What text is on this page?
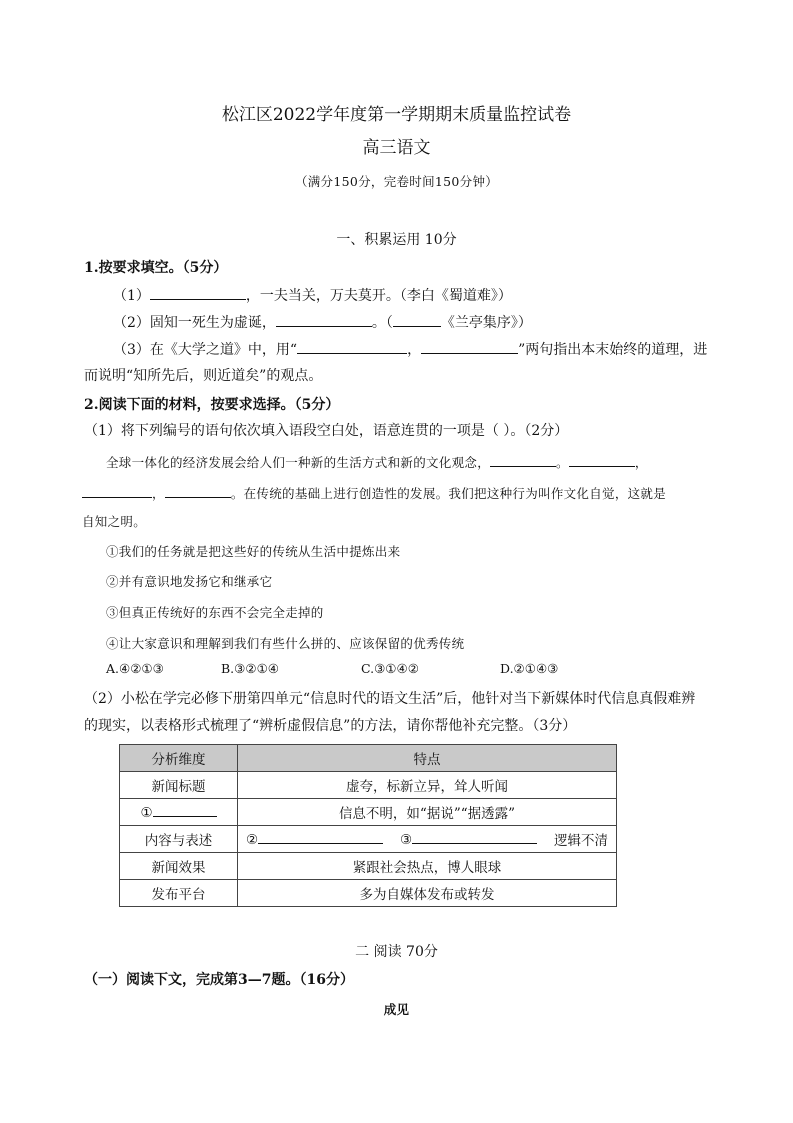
松江区2022学年度第一学期期末质量监控试卷
高三语文
（满分150分，完卷时间150分钟）
一、积累运用 10分
1.按要求填空。（5分）
（1）	，一夫当关，万夫莫开。（李白《蜀道难》）
（2）固知一死生为虚诞，	。（	《兰亭集序》）
（3）在《大学之道》中，用“	，	”两句指出本末始终的道理，进
而说明“知所先后，则近道矣”的观点。
2.阅读下面的材料，按要求选择。（5分）
（1）将下列编号的语句依次填入语段空白处，语意连贯的一项是（ ）。（2分）
全球一体化的经济发展会给人们一种新的生活方式和新的文化观念，	。	，
，	。在传统的基础上进行创造性的发展。我们把这种行为叫作文化自觉，这就是
自知之明。
①我们的任务就是把这些好的传统从生活中提炼出来
②并有意识地发扬它和继承它
③但真正传统好的东西不会完全走掉的
④让大家意识和理解到我们有些什么拼的、应该保留的优秀传统
A.④②①③	B.③②①④	C.③①④②	D.②①④③
（2）小松在学完必修下册第四单元“信息时代的语文生活”后，他针对当下新媒体时代信息真假难辨
的现实，以表格形式梳理了“辨析虚假信息”的方法，请你帮他补充完整。（3分）
分析维度	特点
新闻标题	虚夸，标新立异，耸人听闻
①	信息不明，如“据说”“据透露”
内容与表述	② ③ 逻辑不清

新闻效果	紧跟社会热点，博人眼球
发布平台	多为自媒体发布或转发
二 阅读 70分
（一）阅读下文，完成第3—7题。（16分）
成见
